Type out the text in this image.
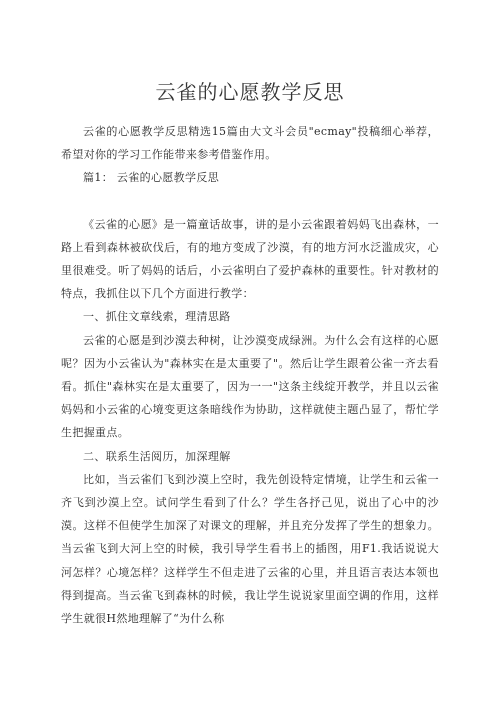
云雀的心愿教学反思

云雀的心愿教学反思精选15篇由大文斗会员"ecmay"投稿细心举荐，希望对你的学习工作能带来参考借鉴作用。

篇1： 云雀的心愿教学反思

《云雀的心愿》是一篇童话故事，讲的是小云雀跟着妈妈飞出森林，一路上看到森林被砍伐后，有的地方变成了沙漠，有的地方河水泛滥成灾，心里很难受。听了妈妈的话后，小云雀明白了爱护森林的重要性。针对教材的特点，我抓住以下几个方面进行教学：

一、抓住文章线索，理清思路

云雀的心愿是到沙漠去种树，让沙漠变成绿洲。为什么会有这样的心愿呢？因为小云雀认为"森林实在是太重要了"。然后让学生跟着公雀一齐去看看。抓住"森林实在是太重要了，因为一一"这条主线绽开教学，并且以云雀妈妈和小云雀的心境变更这条暗线作为协助，这样就使主题凸显了，帮忙学生把握重点。

二、联系生活阅历，加深理解

比如，当云雀们飞到沙漠上空时，我先创设特定情境，让学生和云雀一齐飞到沙漠上空。试问学生看到了什么？学生各抒己见，说出了心中的沙漠。这样不但使学生加深了对课文的理解，并且充分发挥了学生的想象力。当云雀飞到大河上空的时候，我引导学生看书上的插图，用F1.我话说说大河怎样？心境怎样？这样学生不但走进了云雀的心里，并且语言表达本领也得到提高。当云雀飞到森林的时候，我让学生说说家里面空调的作用，这样学生就很H然地理解了“为什么称
